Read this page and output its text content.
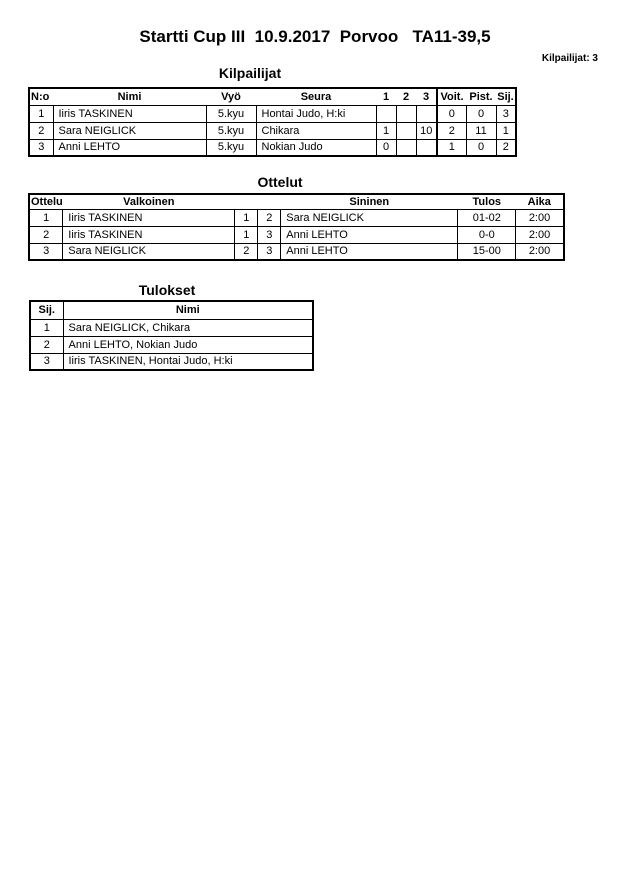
Startti Cup III  10.9.2017  Porvoo   TA11-39,5
Kilpailijat: 3
Kilpailijat
N:o	Nimi	Vyö	Seura	1	2	3	Voit.	Pist.	Sij.
1	Iiris TASKINEN	5.kyu	Hontai Judo, H:ki				0	0	3
2	Sara NEIGLICK	5.kyu	Chikara	1		10	2	11	1
3	Anni LEHTO	5.kyu	Nokian Judo	0			1	0	2
Ottelut
Ottelu	Valkoinen			Sininen	Tulos	Aika
1	Iiris TASKINEN	1	2	Sara NEIGLICK	01-02	2:00
2	Iiris TASKINEN	1	3	Anni LEHTO	0-0	2:00
3	Sara NEIGLICK	2	3	Anni LEHTO	15-00	2:00
Tulokset
Sij.	Nimi
1	Sara NEIGLICK, Chikara
2	Anni LEHTO, Nokian Judo
3	Iiris TASKINEN, Hontai Judo, H:ki
